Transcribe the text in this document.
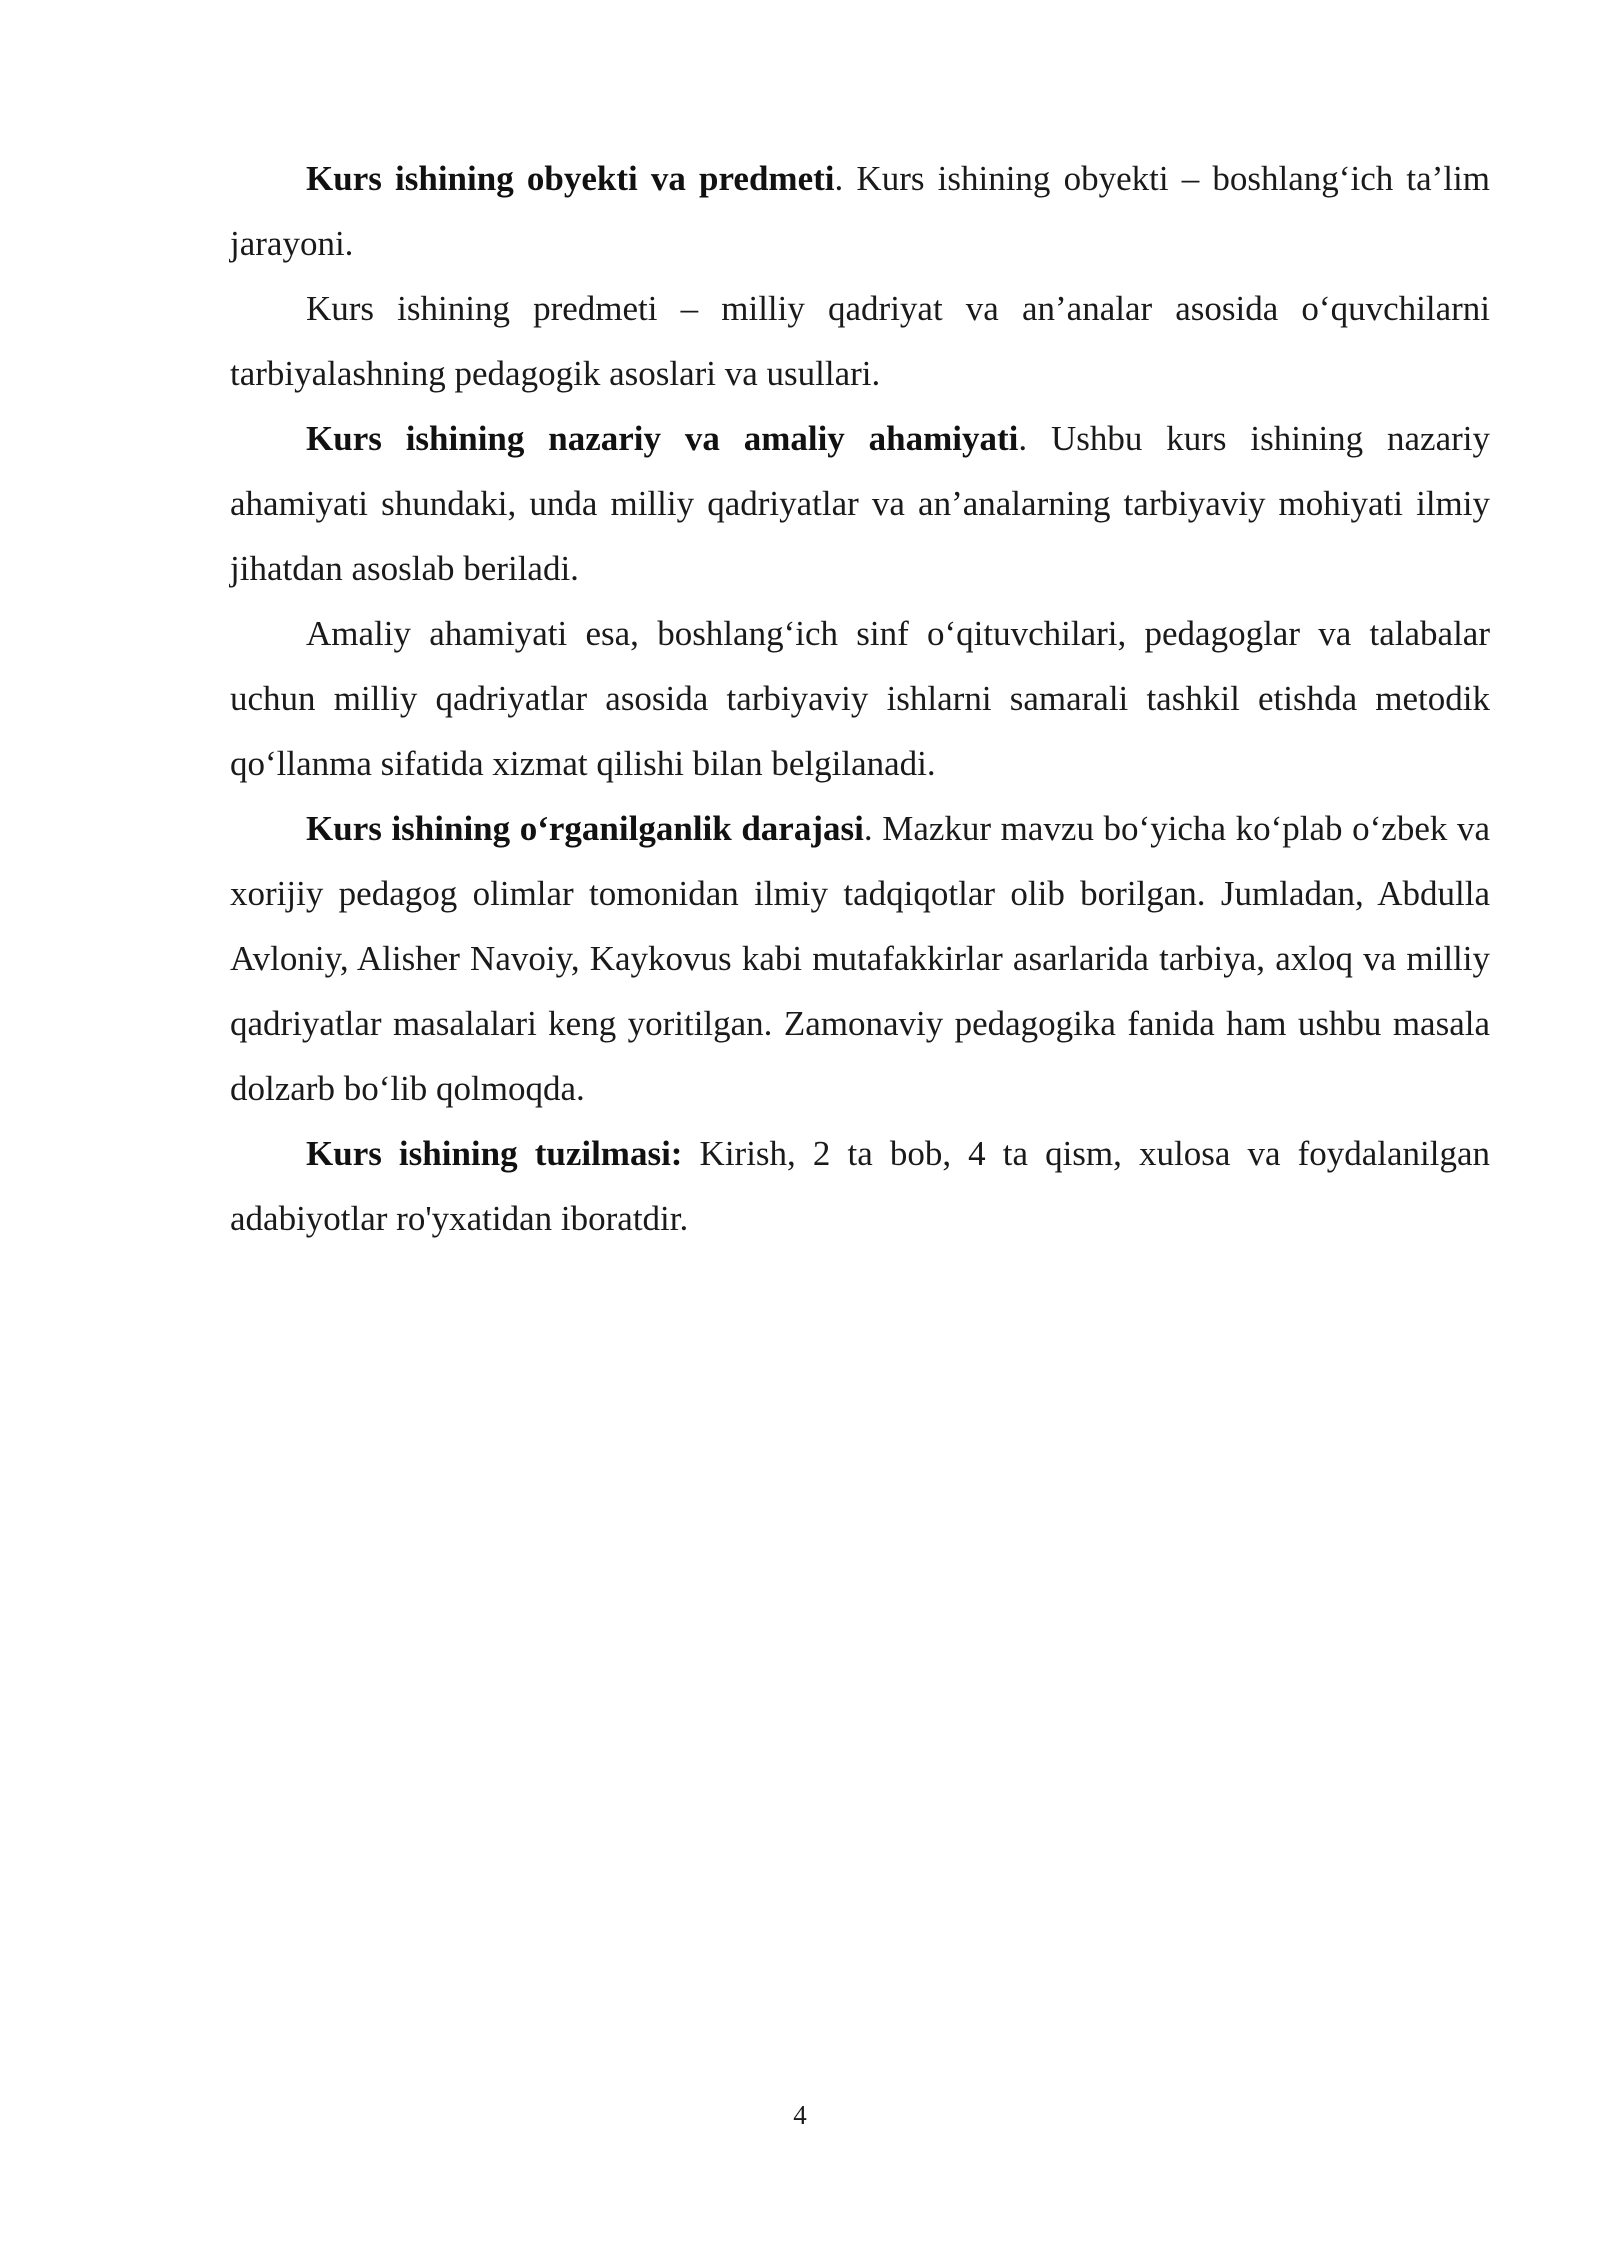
Kurs ishining obyekti va predmeti. Kurs ishining obyekti – boshlang‘ich ta’lim jarayoni.

Kurs ishining predmeti – milliy qadriyat va an’analar asosida o‘quvchilarni tarbiyalashning pedagogik asoslari va usullari.

Kurs ishining nazariy va amaliy ahamiyati. Ushbu kurs ishining nazariy ahamiyati shundaki, unda milliy qadriyatlar va an’analarning tarbiyaviy mohiyati ilmiy jihatdan asoslab beriladi.

Amaliy ahamiyati esa, boshlang‘ich sinf o‘qituvchilari, pedagoglar va talabalar uchun milliy qadriyatlar asosida tarbiyaviy ishlarni samarali tashkil etishda metodik qo‘llanma sifatida xizmat qilishi bilan belgilanadi.

Kurs ishining o‘rganilganlik darajasi. Mazkur mavzu bo‘yicha ko‘plab o‘zbek va xorijiy pedagog olimlar tomonidan ilmiy tadqiqotlar olib borilgan. Jumladan, Abdulla Avloniy, Alisher Navoiy, Kaykovus kabi mutafakkirlar asarlarida tarbiya, axloq va milliy qadriyatlar masalalari keng yoritilgan. Zamonaviy pedagogika fanida ham ushbu masala dolzarb bo‘lib qolmoqda.

Kurs ishining tuzilmasi: Kirish, 2 ta bob, 4 ta qism, xulosa va foydalanilgan adabiyotlar ro'yxatidan iboratdir.

4
